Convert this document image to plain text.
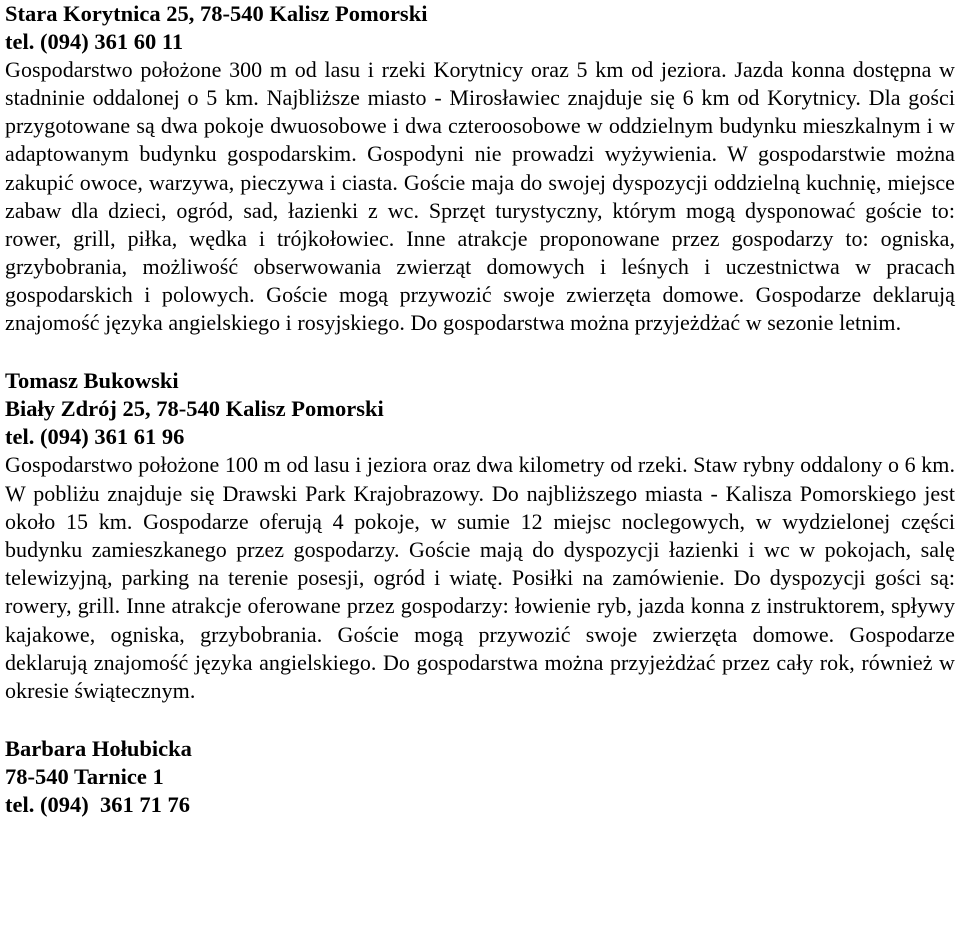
Stara Korytnica 25, 78-540 Kalisz Pomorski
tel. (094) 361 60 11
Gospodarstwo położone 300 m od lasu i rzeki Korytnicy oraz 5 km od jeziora. Jazda konna dostępna w stadninie oddalonej o 5 km. Najbliższe miasto - Mirosławiec znajduje się 6 km od Korytnicy. Dla gości przygotowane są dwa pokoje dwuosobowe i dwa czteroosobowe w oddzielnym budynku mieszkalnym i w adaptowanym budynku gospodarskim. Gospodyni nie prowadzi wyżywienia. W gospodarstwie można zakupić owoce, warzywa, pieczywa i ciasta. Goście maja do swojej dyspozycji oddzielną kuchnię, miejsce zabaw dla dzieci, ogród, sad, łazienki z wc. Sprzęt turystyczny, którym mogą dysponować goście to: rower, grill, piłka, wędka i trójkołowiec. Inne atrakcje proponowane przez gospodarzy to: ogniska, grzybobrania, możliwość obserwowania zwierząt domowych i leśnych i uczestnictwa w pracach gospodarskich i polowych. Goście mogą przywozić swoje zwierzęta domowe. Gospodarze deklarują znajomość języka angielskiego i rosyjskiego. Do gospodarstwa można przyjeżdżać w sezonie letnim.
Tomasz Bukowski
Biały Zdrój 25, 78-540 Kalisz Pomorski
tel. (094) 361 61 96
Gospodarstwo położone 100 m od lasu i jeziora oraz dwa kilometry od rzeki. Staw rybny oddalony o 6 km. W pobliżu znajduje się Drawski Park Krajobrazowy. Do najbliższego miasta - Kalisza Pomorskiego jest około 15 km. Gospodarze oferują 4 pokoje, w sumie 12 miejsc noclegowych, w wydzielonej części budynku zamieszkanego przez gospodarzy. Goście mają do dyspozycji łazienki i wc w pokojach, salę telewizyjną, parking na terenie posesji, ogród i wiatę. Posiłki na zamówienie. Do dyspozycji gości są: rowery, grill. Inne atrakcje oferowane przez gospodarzy: łowienie ryb, jazda konna z instruktorem, spływy kajakowe, ogniska, grzybobrania. Goście mogą przywozić swoje zwierzęta domowe. Gospodarze deklarują znajomość języka angielskiego. Do gospodarstwa można przyjeżdżać przez cały rok, również w okresie świątecznym.
Barbara Hołubicka
78-540 Tarnice 1
tel. (094)  361 71 76
